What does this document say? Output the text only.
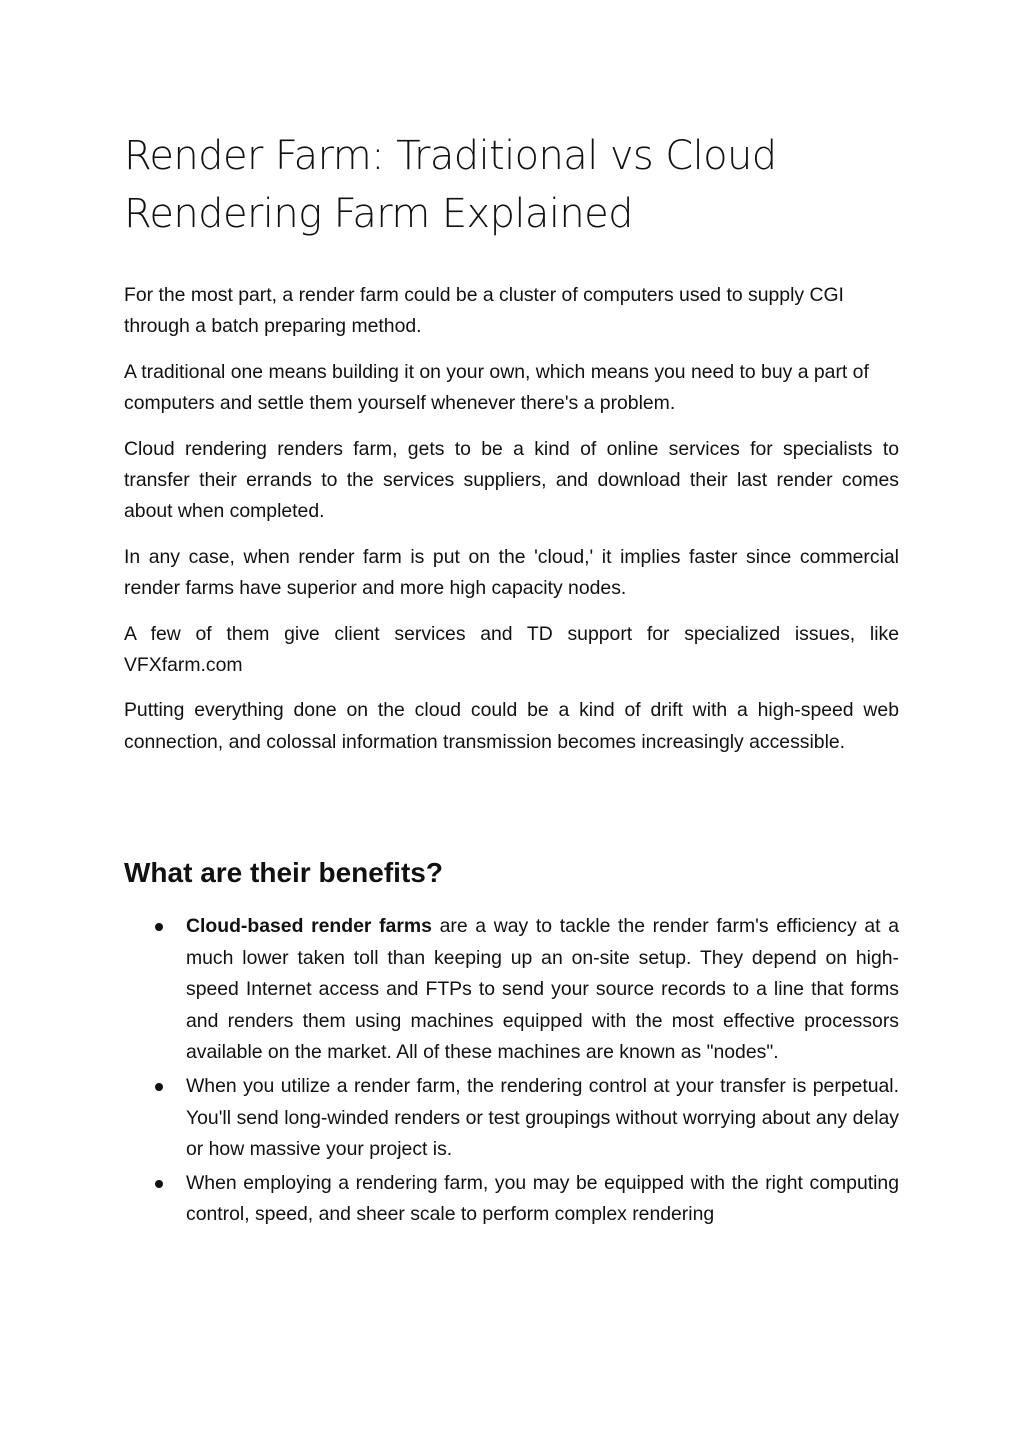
Render Farm: Traditional vs Cloud Rendering Farm Explained

For the most part, a render farm could be a cluster of computers used to supply CGI through a batch preparing method.

A traditional one means building it on your own, which means you need to buy a part of computers and settle them yourself whenever there's a problem.

Cloud rendering renders farm, gets to be a kind of online services for specialists to transfer their errands to the services suppliers, and download their last render comes about when completed.

In any case, when render farm is put on the 'cloud,' it implies faster since commercial render farms have superior and more high capacity nodes.

A few of them give client services and TD support for specialized issues, like VFXfarm.com

Putting everything done on the cloud could be a kind of drift with a high-speed web connection, and colossal information transmission becomes increasingly accessible.

What are their benefits?
Cloud-based render farms are a way to tackle the render farm's efficiency at a much lower taken toll than keeping up an on-site setup. They depend on high-speed Internet access and FTPs to send your source records to a line that forms and renders them using machines equipped with the most effective processors available on the market. All of these machines are known as "nodes".
When you utilize a render farm, the rendering control at your transfer is perpetual. You'll send long-winded renders or test groupings without worrying about any delay or how massive your project is.
When employing a rendering farm, you may be equipped with the right computing control, speed, and sheer scale to perform complex rendering
